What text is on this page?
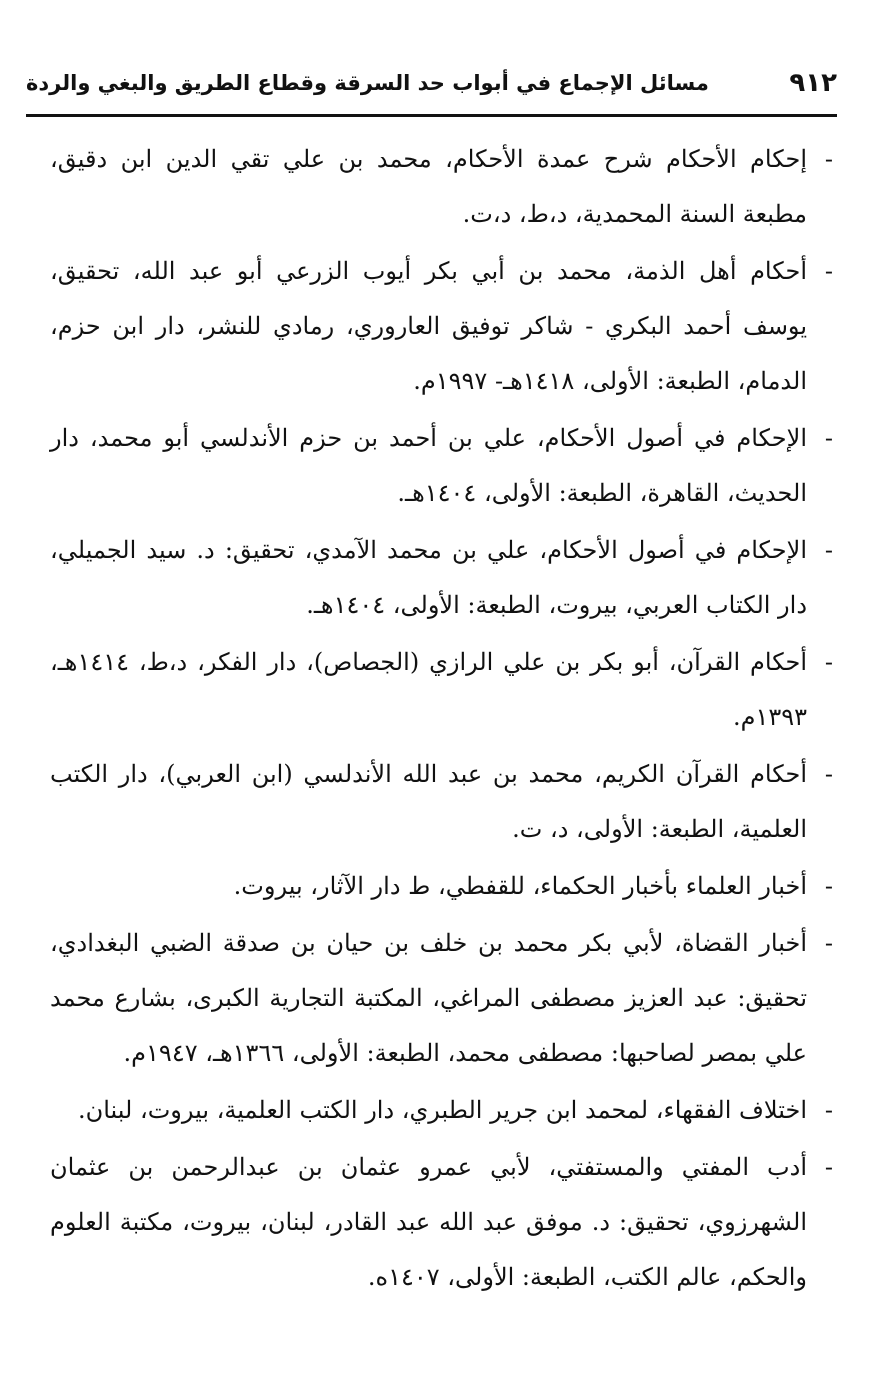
٩١٢
مسائل الإجماع في أبواب حد السرقة وقطاع الطريق والبغي والردة
-
إحكام الأحكام شرح عمدة الأحكام، محمد بن علي تقي الدين ابن دقيق، مطبعة السنة المحمدية، د،ط، د،ت.
-
أحكام أهل الذمة، محمد بن أبي بكر أيوب الزرعي أبو عبد الله، تحقيق، يوسف أحمد البكري - شاكر توفيق العاروري، رمادي للنشر، دار ابن حزم، الدمام، الطبعة: الأولى، ١٤١٨هـ- ١٩٩٧م.
-
الإحكام في أصول الأحكام، علي بن أحمد بن حزم الأندلسي أبو محمد، دار الحديث، القاهرة، الطبعة: الأولى، ١٤٠٤هـ.
-
الإحكام في أصول الأحكام، علي بن محمد الآمدي، تحقيق: د. سيد الجميلي، دار الكتاب العربي، بيروت، الطبعة: الأولى، ١٤٠٤هـ.
-
أحكام القرآن، أبو بكر بن علي الرازي (الجصاص)، دار الفكر، د،ط، ١٤١٤هـ، ١٣٩٣م.
-
أحكام القرآن الكريم، محمد بن عبد الله الأندلسي (ابن العربي)، دار الكتب العلمية، الطبعة: الأولى، د، ت.
-
أخبار العلماء بأخبار الحكماء، للقفطي، ط دار الآثار، بيروت.
-
أخبار القضاة، لأبي بكر محمد بن خلف بن حيان بن صدقة الضبي البغدادي، تحقيق: عبد العزيز مصطفى المراغي، المكتبة التجارية الكبرى، بشارع محمد علي بمصر لصاحبها: مصطفى محمد، الطبعة: الأولى، ١٣٦٦هـ، ١٩٤٧م.
-
اختلاف الفقهاء، لمحمد ابن جرير الطبري، دار الكتب العلمية، بيروت، لبنان.
-
أدب المفتي والمستفتي، لأبي عمرو عثمان بن عبدالرحمن بن عثمان الشهرزوي، تحقيق: د. موفق عبد الله عبد القادر، لبنان، بيروت، مكتبة العلوم والحكم، عالم الكتب، الطبعة: الأولى، ١٤٠٧ه.
